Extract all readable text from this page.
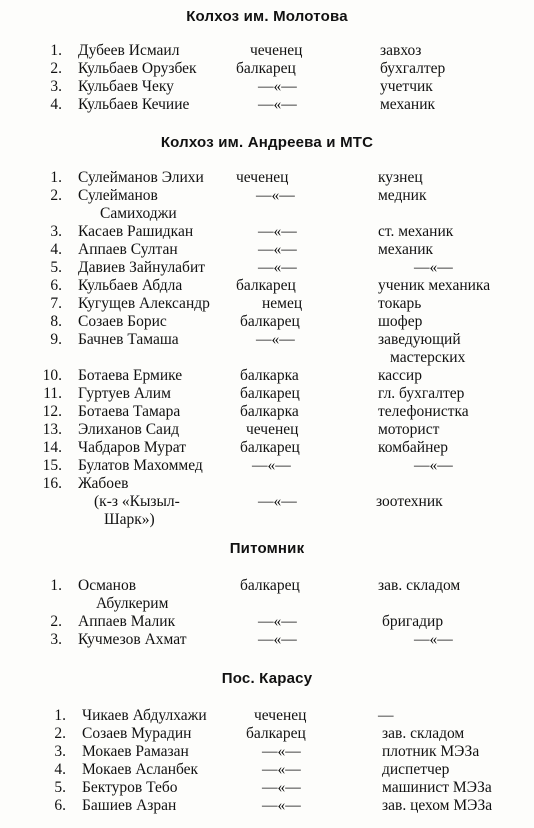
Колхоз им. Молотова
1. Дубеев Исмаил	чеченец	завхоз
2. Кульбаев Орузбек	балкарец	бухгалтер
3. Кульбаев Чеку	—«—	учетчик
4. Кульбаев Кечиие	—«—	механик
Колхоз им. Андреева и МТС
1. Сулейманов Элихи чеченец	кузнец
2. Сулейманов	—«—	медник
Самиходжи
3. Касаев Рашидкан	—«—	ст. механик
4. Аппаев Султан	—«—	механик
5. Давиев Зайнулабит	—«—	—«—
6. Кульбаев Абдла	балкарец	ученик механика
7. Кугущев Александр	немец	токарь
8. Созаев Борис	балкарец	шофер
9. Бачнев Тамаша	—«—	заведующий
мастерских
10. Ботаева Ермике	балкарка	кассир
11. Гуртуев Алим	балкарец	гл. бухгалтер
12. Ботаева Тамара	балкарка	телефонистка
13. Элиханов Саид	чеченец	моторист
14. Чабдаров Мурат	балкарец	комбайнер
15. Булатов Махоммед	—«—	—«—
16. Жабоев
(к-з «Кызыл-	—«—	зоотехник
Шарк»)
Питомник
1. Османов	балкарец	зав. складом
Абулкерим
2. Аппаев Малик	—«—	бригадир
3. Кучмезов Ахмат	—«—	—«—
Пос. Карасу
1. Чикаев Абдулхажи	чеченец	—
2. Созаев Мурадин	балкарец	зав. складом
3. Мокаев Рамазан	—«—	плотник МЭЗа
4. Мокаев Асланбек	—«—	диспетчер
5. Бектуров Тебо	—«—	машинист МЭЗа
6. Башиев Азран	—«—	зав. цехом МЭЗа
